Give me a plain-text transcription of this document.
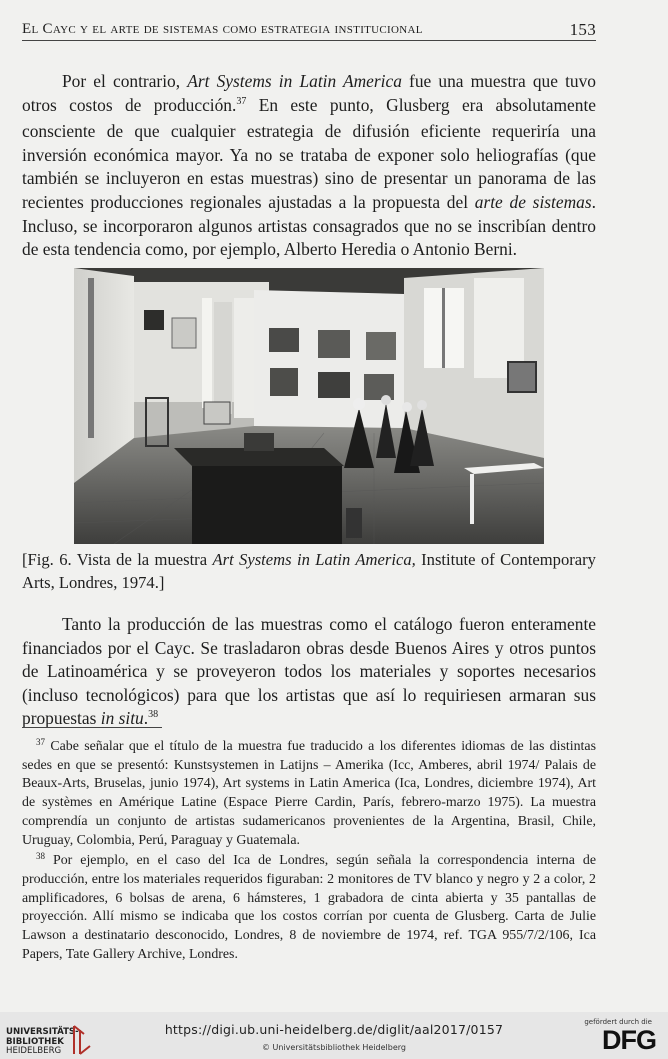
El Cayc y el arte de sistemas como estrategia institucional	153

Por el contrario, Art Systems in Latin America fue una muestra que tuvo otros costos de producción.$^{37}$ En este punto, Glusberg era absolutamente consciente de que cualquier estrategia de difusión eficiente requeriría una inversión económica mayor. Ya no se trataba de exponer solo heliografías (que también se incluyeron en estas muestras) sino de presentar un panorama de las recientes producciones regionales ajustadas a la propuesta del arte de sistemas. Incluso, se incorporaron algunos artistas consagrados que no se inscribían dentro de esta tendencia como, por ejemplo, Alberto Heredia o Antonio Berni.

[Fig. 6. Vista de la muestra Art Systems in Latin America, Institute of Contemporary Arts, Londres, 1974.]

Tanto la producción de las muestras como el catálogo fueron enteramente financiados por el Cayc. Se trasladaron obras desde Buenos Aires y otros puntos de Latinoamérica y se proveyeron todos los materiales y soportes necesarios (incluso tecnológicos) para que los artistas que así lo requiriesen armaran sus propuestas in situ.$^{38}$

$^{37}$ Cabe señalar que el título de la muestra fue traducido a los diferentes idiomas de las distintas sedes en que se presentó: Kunstsystemen in Latijns – Amerika (Icc, Amberes, abril 1974/ Palais de Beaux-Arts, Bruselas, junio 1974), Art systems in Latin America (Ica, Londres, diciembre 1974), Art de systèmes en Amérique Latine (Espace Pierre Cardin, París, febrero-marzo 1975). La muestra comprendía un conjunto de artistas sudamericanos provenientes de la Argentina, Brasil, Chile, Uruguay, Colombia, Perú, Paraguay y Guatemala.

$^{38}$ Por ejemplo, en el caso del Ica de Londres, según señala la correspondencia interna de producción, entre los materiales requeridos figuraban: 2 monitores de TV blanco y negro y 2 a color, 2 amplificadores, 6 bolsas de arena, 6 hámsteres, 1 grabadora de cinta abierta y 35 pantallas de proyección. Allí mismo se indicaba que los costos corrían por cuenta de Glusberg. Carta de Julie Lawson a destinatario desconocido, Londres, 8 de noviembre de 1974, ref. TGA 955/7/2/106, Ica Papers, Tate Gallery Archive, Londres.

UNIVERSITÄTS-
BIBLIOTHEK
HEIDELBERG
https://digi.ub.uni-heidelberg.de/diglit/aal2017/0157
© Universitätsbibliothek Heidelberg
gefördert durch die
DFG
